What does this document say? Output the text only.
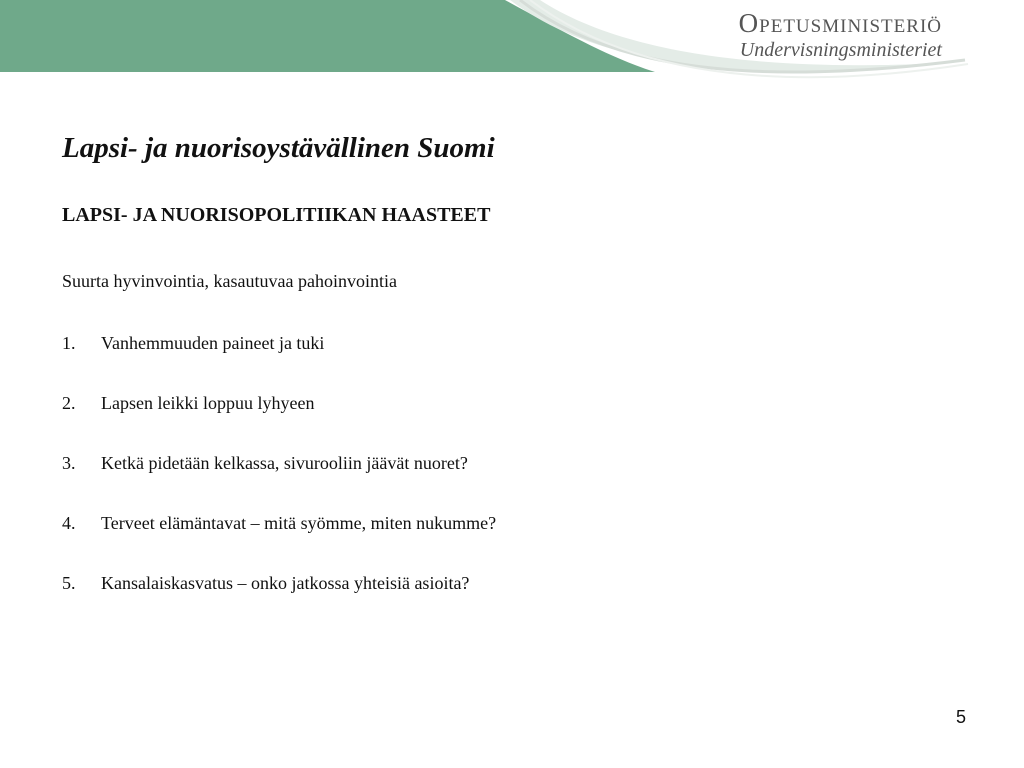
Opetusministeriö
Undervisningsministeriet
Lapsi- ja nuorisoystävällinen Suomi
LAPSI- JA NUORISOPOLITIIKAN HAASTEET

Suurta hyvinvointia, kasautuvaa pahoinvointia

1.	Vanhemmuuden paineet ja tuki
2.	Lapsen leikki loppuu lyhyeen
3.	Ketkä pidetään kelkassa, sivurooliin jäävät nuoret?
4.	Terveet elämäntavat – mitä syömme, miten nukumme?
5.	Kansalaiskasvatus – onko jatkossa yhteisiä asioita?
5
